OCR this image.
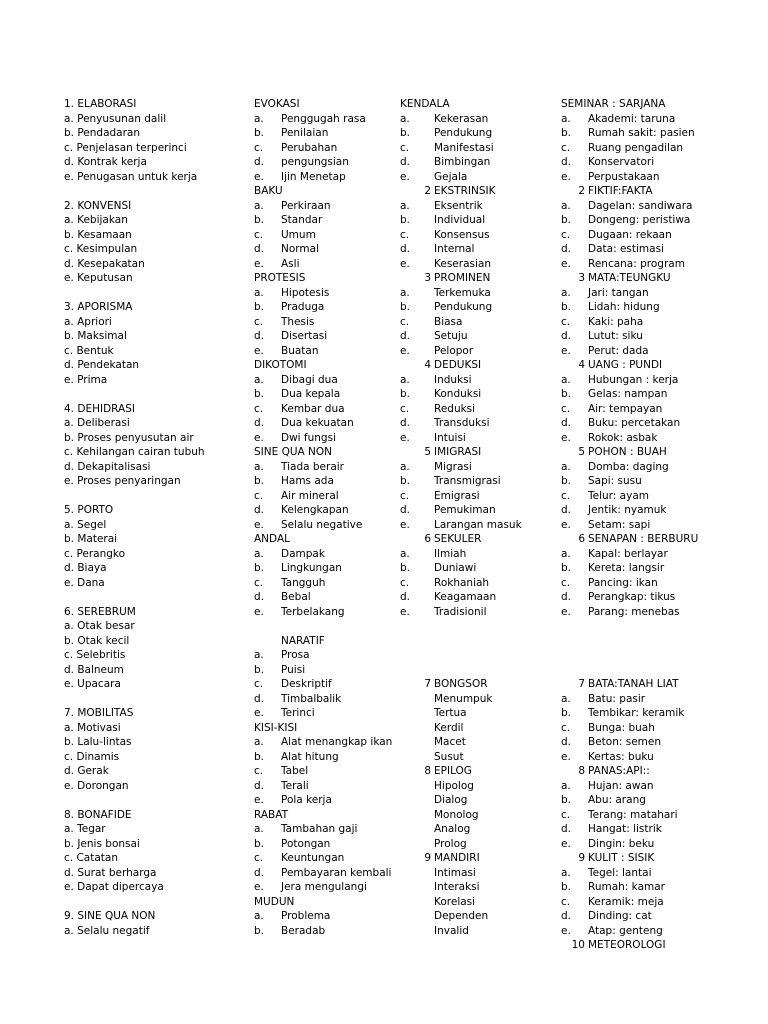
1. ELABORASI
a. Penyusunan dalil
b. Pendadaran
c. Penjelasan terperinci
d. Kontrak kerja
e. Penugasan untuk kerja
2. KONVENSI
a. Kebijakan
b. Kesamaan
c. Kesimpulan
d. Kesepakatan
e. Keputusan
3. APORISMA
a. Apriori
b. Maksimal
c. Bentuk
d. Pendekatan
e. Prima
4. DEHIDRASI
a. Deliberasi
b. Proses penyusutan air
c. Kehilangan cairan tubuh
d. Dekapitalisasi
e. Proses penyaringan
5. PORTO
a. Segel
b. Materai
c. Perangko
d. Biaya
e. Dana
6. SEREBRUM
a. Otak besar
b. Otak kecil
c. Selebritis
d. Balneum
e. Upacara
7. MOBILITAS
a. Motivasi
b. Lalu-lintas
c. Dinamis
d. Gerak
e. Dorongan
8. BONAFIDE
a. Tegar
b. Jenis bonsai
c. Catatan
d. Surat berharga
e. Dapat dipercaya
9. SINE QUA NON
a. Selalu negatif
EVOKASI
a. Penggugah rasa
b. Penilaian
c. Perubahan
d. pengungsian
e. Ijin Menetap
BAKU
a. Perkiraan
b. Standar
c. Umum
d. Normal
e. Asli
PROTESIS
a. Hipotesis
b. Praduga
c. Thesis
d. Disertasi
e. Buatan
DIKOTOMI
a. Dibagi dua
b. Dua kepala
c. Kembar dua
d. Dua kekuatan
e. Dwi fungsi
SINE QUA NON
a. Tiada berair
b. Hams ada
c. Air mineral
d. Kelengkapan
e. Selalu negative
ANDAL
a. Dampak
b. Lingkungan
c. Tangguh
d. Bebal
e. Terbelakang
NARATIF
a. Prosa
b. Puisi
c. Deskriptif
d. Timbalbalik
e. Terinci
KISI-KISI
a. Alat menangkap ikan
b. Alat hitung
c. Tabel
d. Terali
e. Pola kerja
RABAT
a. Tambahan gaji
b. Potongan
c. Keuntungan
d. Pembayaran kembali
e. Jera mengulangi
MUDUN
a. Problema
b. Beradab
KENDALA
a. Kekerasan
b. Pendukung
c. Manifestasi
d. Bimbingan
e. Gejala
2 EKSTRINSIK
a. Eksentrik
b. Individual
c. Konsensus
d. Internal
e. Keserasian
3 PROMINEN
a. Terkemuka
b. Pendukung
c. Biasa
d. Setuju
e. Pelopor
4 DEDUKSI
a. Induksi
b. Konduksi
c. Reduksi
d. Transduksi
e. Intuisi
5 IMIGRASI
a. Migrasi
b. Transmigrasi
c. Emigrasi
d. Pemukiman
e. Larangan masuk
6 SEKULER
a. Ilmiah
b. Duniawi
c. Rokhaniah
d. Keagamaan
e. Tradisionil
7 BONGSOR
Menumpuk
Tertua
Kerdil
Macet
Susut
8 EPILOG
Hipolog
Dialog
Monolog
Analog
Prolog
9 MANDIRI
Intimasi
Interaksi
Korelasi
Dependen
Invalid
SEMINAR : SARJANA
a. Akademi: taruna
b. Rumah sakit: pasien
c. Ruang pengadilan
d. Konservatori
e. Perpustakaan
2 FIKTIF:FAKTA
a. Dagelan: sandiwara
b. Dongeng: peristiwa
c. Dugaan: rekaan
d. Data: estimasi
e. Rencana: program
3 MATA:TEUNGKU
a. Jari: tangan
b. Lidah: hidung
c. Kaki: paha
d. Lutut: siku
e. Perut: dada
4 UANG : PUNDI
a. Hubungan : kerja
b. Gelas: nampan
c. Air: tempayan
d. Buku: percetakan
e. Rokok: asbak
5 POHON : BUAH
a. Domba: daging
b. Sapi: susu
c. Telur: ayam
d. Jentik: nyamuk
e. Setam: sapi
6 SENAPAN : BERBURU
a. Kapal: berlayar
b. Kereta: langsir
c. Pancing: ikan
d. Perangkap: tikus
e. Parang: menebas
7 BATA:TANAH LIAT
a. Batu: pasir
b. Tembikar: keramik
c. Bunga: buah
d. Beton: semen
e. Kertas: buku
8 PANAS:API::
a. Hujan: awan
b. Abu: arang
c. Terang: matahari
d. Hangat: listrik
e. Dingin: beku
9 KULIT : SISIK
a. Tegel: lantai
b. Rumah: kamar
c. Keramik: meja
d. Dinding: cat
e. Atap: genteng
10 METEOROLOGI
